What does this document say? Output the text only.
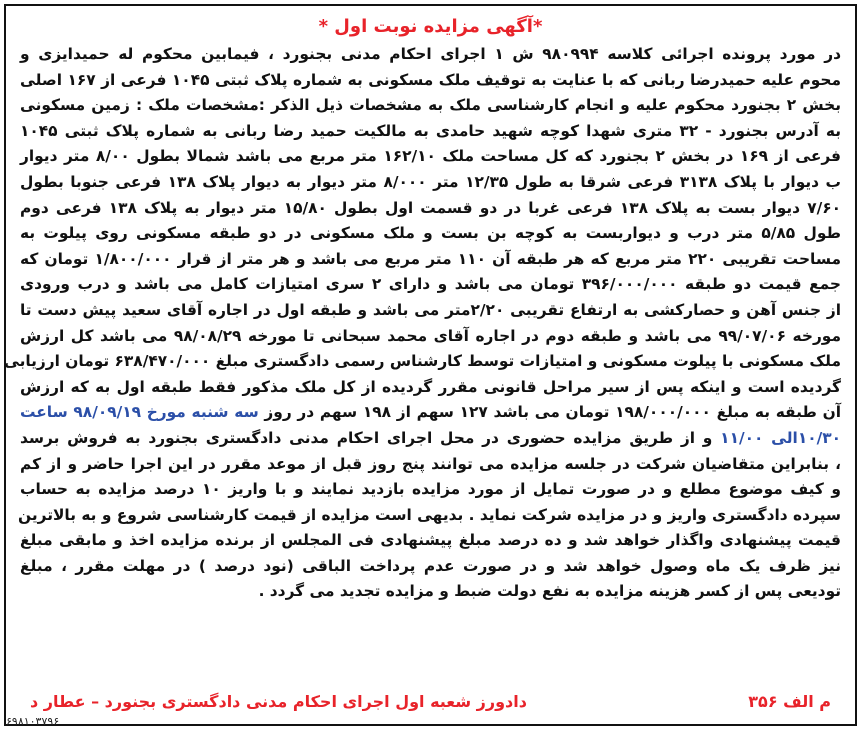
*آگهی مزایده نوبت اول *
در مورد پرونده اجرائی کلاسه ۹۸۰۹۹۴ ش ۱ اجرای احکام مدنی بجنورد ، فیمابین محکوم له حمیدایزی و
محوم علیه حمیدرضا ربانی که با عنایت به توقیف ملک مسکونی به شماره پلاک ثبتی ۱۰۴۵ فرعی از ۱۶۷ اصلی
بخش ۲ بجنورد محکوم علیه و انجام کارشناسی ملک به مشخصات ذیل الذکر :مشخصات ملک : زمین مسکونی
به آدرس بجنورد - ۳۲ متری شهدا کوچه شهید حامدی به مالکیت حمید رضا ربانی به شماره پلاک ثبتی ۱۰۴۵
فرعی از ۱۶۹ در بخش ۲ بجنورد که کل مساحت ملک ۱۶۲/۱۰ متر مربع می باشد شمالا بطول ۸/۰۰ متر دیوار
ب دیوار با پلاک ۳۱۳۸ فرعی شرقا به طول ۱۲/۳۵ متر ۸/۰۰۰ متر دیوار به دیوار پلاک ۱۳۸ فرعی جنوبا بطول
۷/۶۰ دیوار بست به پلاک ۱۳۸ فرعی غربا در دو قسمت اول بطول ۱۵/۸۰ متر دیوار به پلاک ۱۳۸ فرعی دوم
طول ۵/۸۵ متر درب و دیواربست به کوچه بن بست و ملک مسکونی در دو طبقه مسکونی روی پیلوت به
مساحت تقریبی ۲۲۰ متر مربع که هر طبقه آن ۱۱۰ متر مربع می باشد و هر متر از قرار ۱/۸۰۰/۰۰۰ تومان که
جمع قیمت دو طبقه ۳۹۶/۰۰۰/۰۰۰ تومان می باشد و دارای ۲ سری امتیازات کامل می باشد و درب ورودی
از جنس آهن و حصارکشی به ارتفاع تقریبی ۲/۲۰متر می باشد و طبقه اول در اجاره آقای سعید پیش دست تا
مورخه ۹۹/۰۷/۰۶ می باشد و طبقه دوم در اجاره آقای محمد سبحانی تا مورخه ۹۸/۰۸/۲۹ می باشد کل ارزش
ملک مسکونی با پیلوت مسکونی و امتیازات توسط کارشناس رسمی دادگستری مبلغ ۶۳۸/۴۷۰/۰۰۰ تومان ارزیابی
گردیده است و اینکه پس از سیر مراحل قانونی مقرر گردیده از کل ملک مذکور فقط طبقه اول به که ارزش
آن طبقه به مبلغ ۱۹۸/۰۰۰/۰۰۰ تومان می باشد ۱۲۷ سهم از ۱۹۸ سهم در روز سه شنبه مورخ ۹۸/۰۹/۱۹ ساعت
۱۰/۳۰الی ۱۱/۰۰ و از طریق مزایده حضوری در محل اجرای احکام مدنی دادگستری بجنورد به فروش برسد
، بنابراین متقاضیان شرکت در جلسه مزایده می توانند پنج روز قبل از موعد مقرر در این اجرا حاضر و از کم
و کیف موضوع مطلع و در صورت تمایل از مورد مزایده بازدید نمایند و با واریز ۱۰ درصد مزایده به حساب
سپرده دادگستری واریز و در مزایده شرکت نماید . بدیهی است مزایده از قیمت کارشناسی شروع و به بالاترین
قیمت پیشنهادی واگذار خواهد شد و ده درصد مبلغ پیشنهادی فی المجلس از برنده مزایده اخذ و مابقی مبلغ
نیز ظرف یک ماه وصول خواهد شد و در صورت عدم پرداخت الباقی (نود درصد ) در مهلت مقرر ، مبلغ
تودیعی پس از کسر هزینه مزایده به نفع دولت ضبط و مزایده تجدید می گردد .
م الف ۳۵۶
دادورز شعبه اول اجرای احکام مدنی دادگستری بجنورد – عطار د
۶۹۸۱۰۳۷۹۶
